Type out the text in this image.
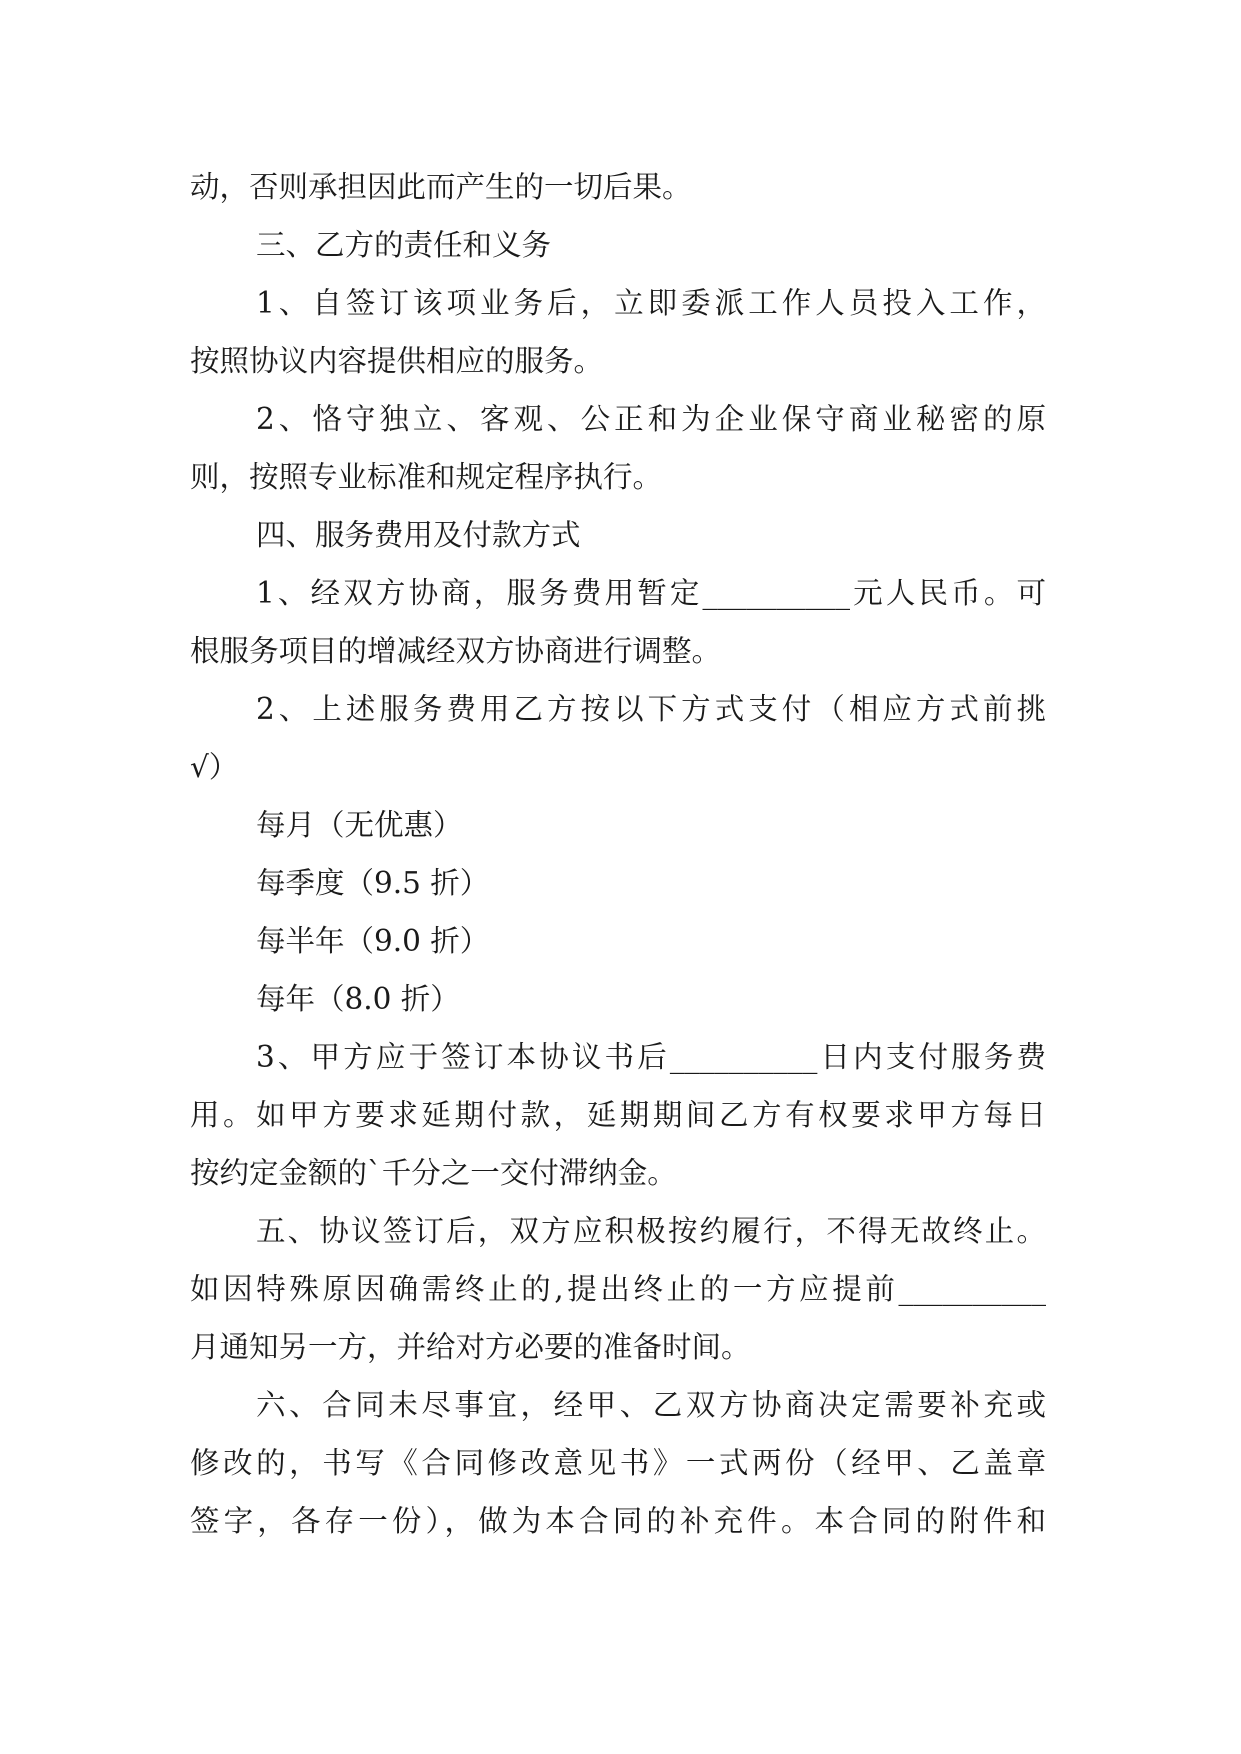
动，否则承担因此而产生的一切后果。
三、乙方的责任和义务
1、自签订该项业务后，立即委派工作人员投入工作，
按照协议内容提供相应的服务。
2、恪守独立、客观、公正和为企业保守商业秘密的原
则，按照专业标准和规定程序执行。
四、服务费用及付款方式
1、经双方协商，服务费用暂定__________元人民币。可
根服务项目的增减经双方协商进行调整。
2、上述服务费用乙方按以下方式支付（相应方式前挑
√）
每月（无优惠）
每季度（9.5 折）
每半年（9.0 折）
每年（8.0 折）
3、甲方应于签订本协议书后__________日内支付服务费
用。如甲方要求延期付款，延期期间乙方有权要求甲方每日
按约定金额的`千分之一交付滞纳金。
五、协议签订后，双方应积极按约履行，不得无故终止。
如因特殊原因确需终止的,提出终止的一方应提前__________
月通知另一方，并给对方必要的准备时间。
六、合同未尽事宜，经甲、乙双方协商决定需要补充或
修改的，书写《合同修改意见书》一式两份（经甲、乙盖章
签字，各存一份），做为本合同的补充件。本合同的附件和
